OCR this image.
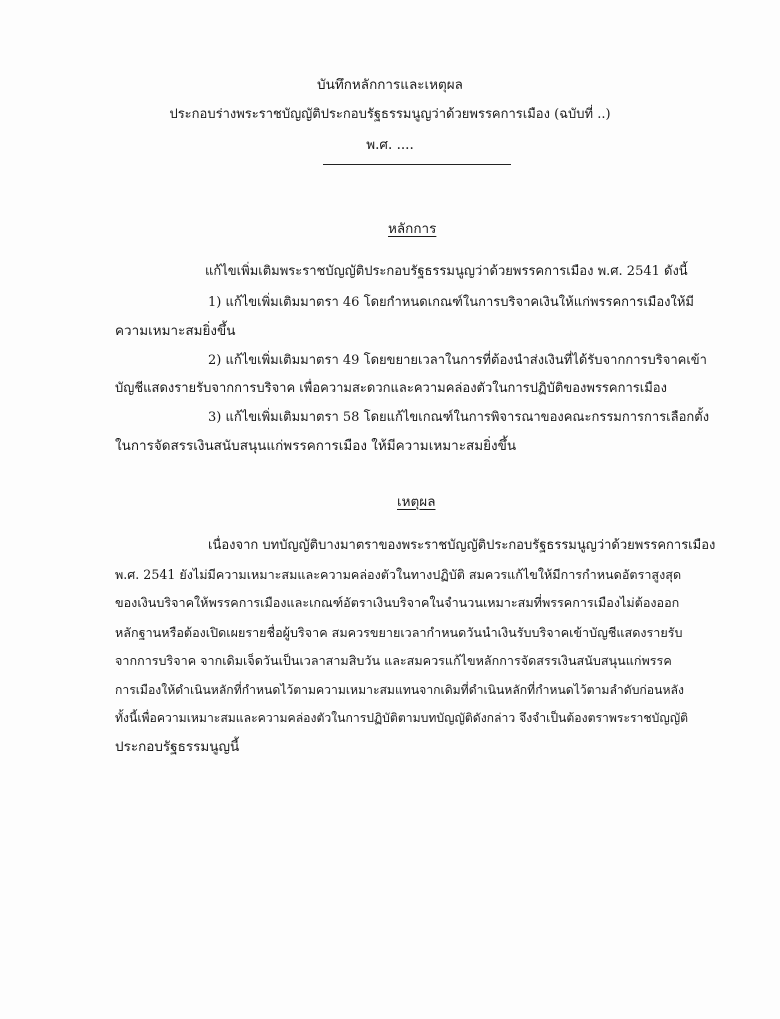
บันทึกหลักการและเหตุผล
ประกอบร่างพระราชบัญญัติประกอบรัฐธรรมนูญว่าด้วยพรรคการเมือง (ฉบับที่ ..)
พ.ศ. ....
หลักการ
แก้ไขเพิ่มเติมพระราชบัญญัติประกอบรัฐธรรมนูญว่าด้วยพรรคการเมือง พ.ศ. 2541 ดังนี้
1) แก้ไขเพิ่มเติมมาตรา 46 โดยกำหนดเกณฑ์ในการบริจาคเงินให้แก่พรรคการเมืองให้มี
ความเหมาะสมยิ่งขึ้น
2) แก้ไขเพิ่มเติมมาตรา 49 โดยขยายเวลาในการที่ต้องนำส่งเงินที่ได้รับจากการบริจาคเข้า
บัญชีแสดงรายรับจากการบริจาค เพื่อความสะดวกและความคล่องตัวในการปฏิบัติของพรรคการเมือง
3) แก้ไขเพิ่มเติมมาตรา 58 โดยแก้ไขเกณฑ์ในการพิจารณาของคณะกรรมการการเลือกตั้ง
ในการจัดสรรเงินสนับสนุนแก่พรรคการเมือง ให้มีความเหมาะสมยิ่งขึ้น
เหตุผล
เนื่องจาก บทบัญญัติบางมาตราของพระราชบัญญัติประกอบรัฐธรรมนูญว่าด้วยพรรคการเมือง
พ.ศ. 2541 ยังไม่มีความเหมาะสมและความคล่องตัวในทางปฏิบัติ สมควรแก้ไขให้มีการกำหนดอัตราสูงสุด
ของเงินบริจาคให้พรรคการเมืองและเกณฑ์อัตราเงินบริจาคในจำนวนเหมาะสมที่พรรคการเมืองไม่ต้องออก
หลักฐานหรือต้องเปิดเผยรายชื่อผู้บริจาค สมควรขยายเวลากำหนดวันนำเงินรับบริจาคเข้าบัญชีแสดงรายรับ
จากการบริจาค จากเดิมเจ็ดวันเป็นเวลาสามสิบวัน และสมควรแก้ไขหลักการจัดสรรเงินสนับสนุนแก่พรรค
การเมืองให้ดำเนินหลักที่กำหนดไว้ตามความเหมาะสมแทนจากเดิมที่ดำเนินหลักที่กำหนดไว้ตามลำดับก่อนหลัง
ทั้งนี้เพื่อความเหมาะสมและความคล่องตัวในการปฏิบัติตามบทบัญญัติดังกล่าว จึงจำเป็นต้องตราพระราชบัญญัติ
ประกอบรัฐธรรมนูญนี้
